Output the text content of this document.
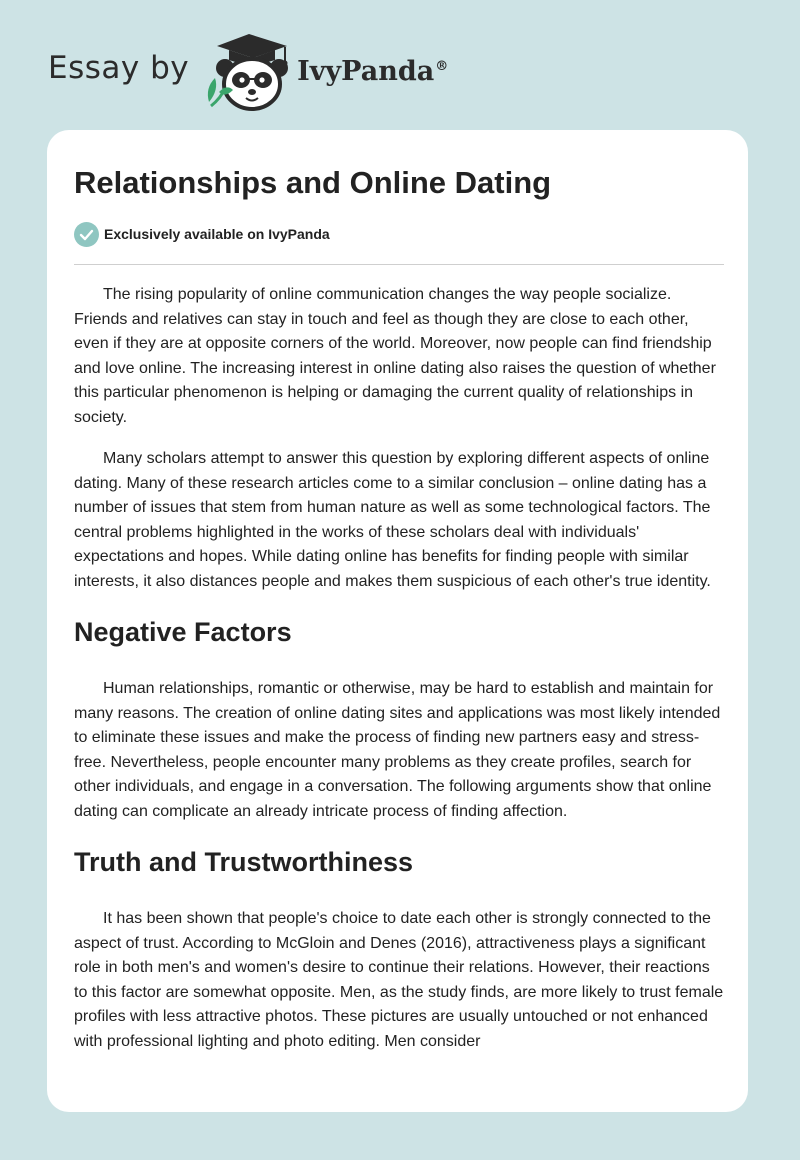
Essay by	IvyPanda®
Relationships and Online Dating
Exclusively available on IvyPanda

The rising popularity of online communication changes the way people socialize. Friends and relatives can stay in touch and feel as though they are close to each other, even if they are at opposite corners of the world. Moreover, now people can find friendship and love online. The increasing interest in online dating also raises the question of whether this particular phenomenon is helping or damaging the current quality of relationships in society.

Many scholars attempt to answer this question by exploring different aspects of online dating. Many of these research articles come to a similar conclusion – online dating has a number of issues that stem from human nature as well as some technological factors. The central problems highlighted in the works of these scholars deal with individuals' expectations and hopes. While dating online has benefits for finding people with similar interests, it also distances people and makes them suspicious of each other's true identity.

Negative Factors

Human relationships, romantic or otherwise, may be hard to establish and maintain for many reasons. The creation of online dating sites and applications was most likely intended to eliminate these issues and make the process of finding new partners easy and stress-free. Nevertheless, people encounter many problems as they create profiles, search for other individuals, and engage in a conversation. The following arguments show that online dating can complicate an already intricate process of finding affection.

Truth and Trustworthiness

It has been shown that people's choice to date each other is strongly connected to the aspect of trust. According to McGloin and Denes (2016), attractiveness plays a significant role in both men's and women's desire to continue their relations. However, their reactions to this factor are somewhat opposite. Men, as the study finds, are more likely to trust female profiles with less attractive photos. These pictures are usually untouched or not enhanced with professional lighting and photo editing. Men consider
